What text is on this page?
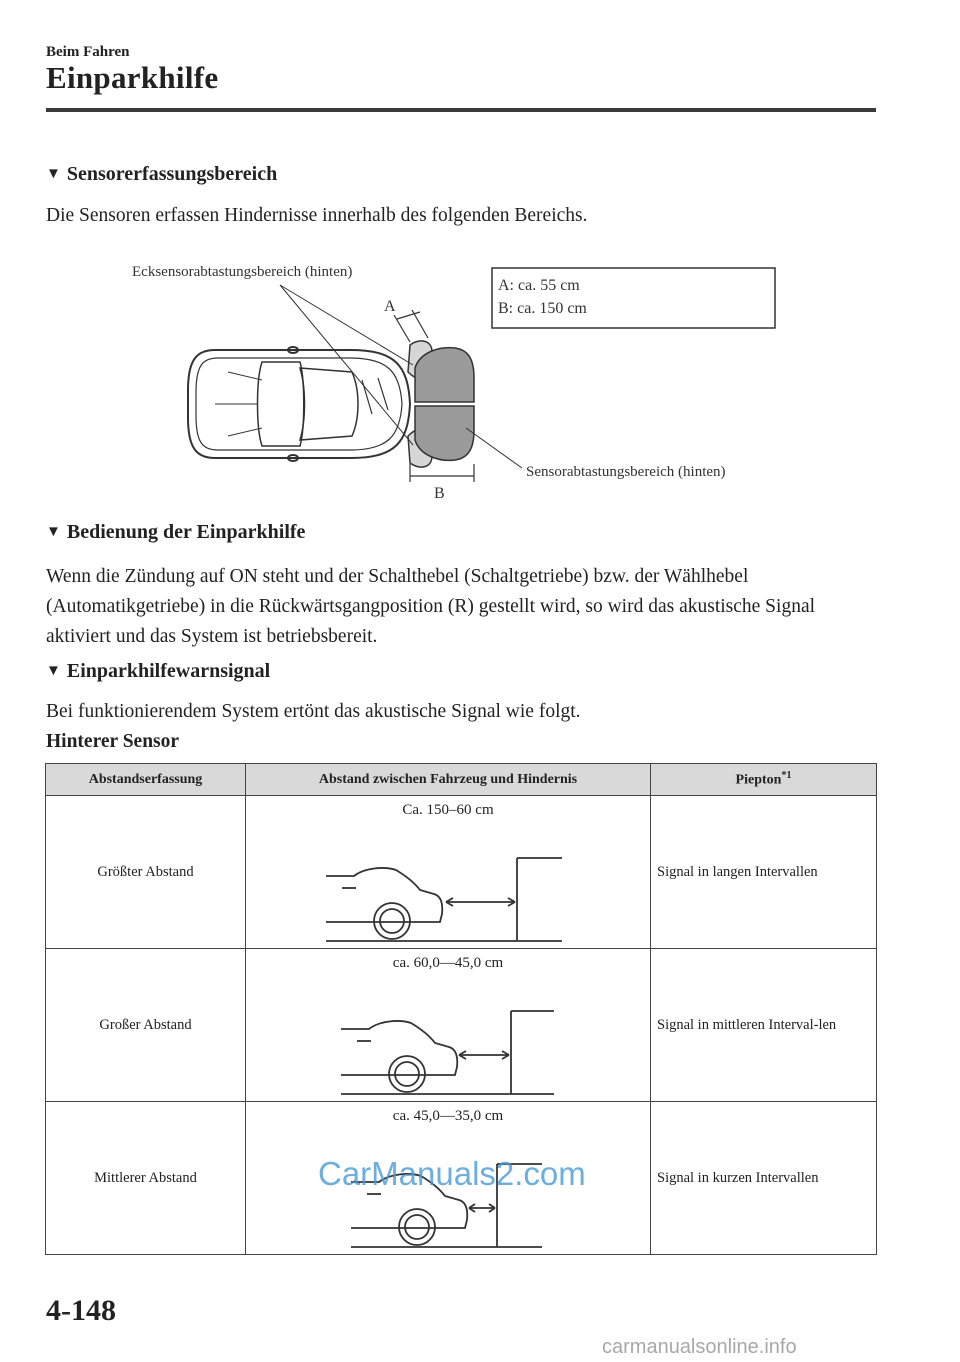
Beim Fahren
Einparkhilfe
▼ Sensorerfassungsbereich
Die Sensoren erfassen Hindernisse innerhalb des folgenden Bereichs.
A
B
Ecksensorabtastungsbereich (hinten)
Sensorabtastungsbereich (hinten)
A: ca. 55 cm
B: ca. 150 cm
▼ Bedienung der Einparkhilfe
Wenn die Zündung auf ON steht und der Schalthebel (Schaltgetriebe) bzw. der Wählhebel (Automatikgetriebe) in die Rückwärtsgangposition (R) gestellt wird, so wird das akustische Signal aktiviert und das System ist betriebsbereit.
▼ Einparkhilfewarnsignal
Bei funktionierendem System ertönt das akustische Signal wie folgt.
Hinterer Sensor
Abstandserfassung	Abstand zwischen Fahrzeug und Hindernis	Piepton$^{*1}$
Größter Abstand	Ca. 150–60 cm	Signal in langen Intervallen
Großer Abstand	ca. 60,0―45,0 cm	Signal in mittleren Interval-len
Mittlerer Abstand	ca. 45,0―35,0 cm	Signal in kurzen Intervallen
CarManuals2.com
4-148
carmanualsonline.info
